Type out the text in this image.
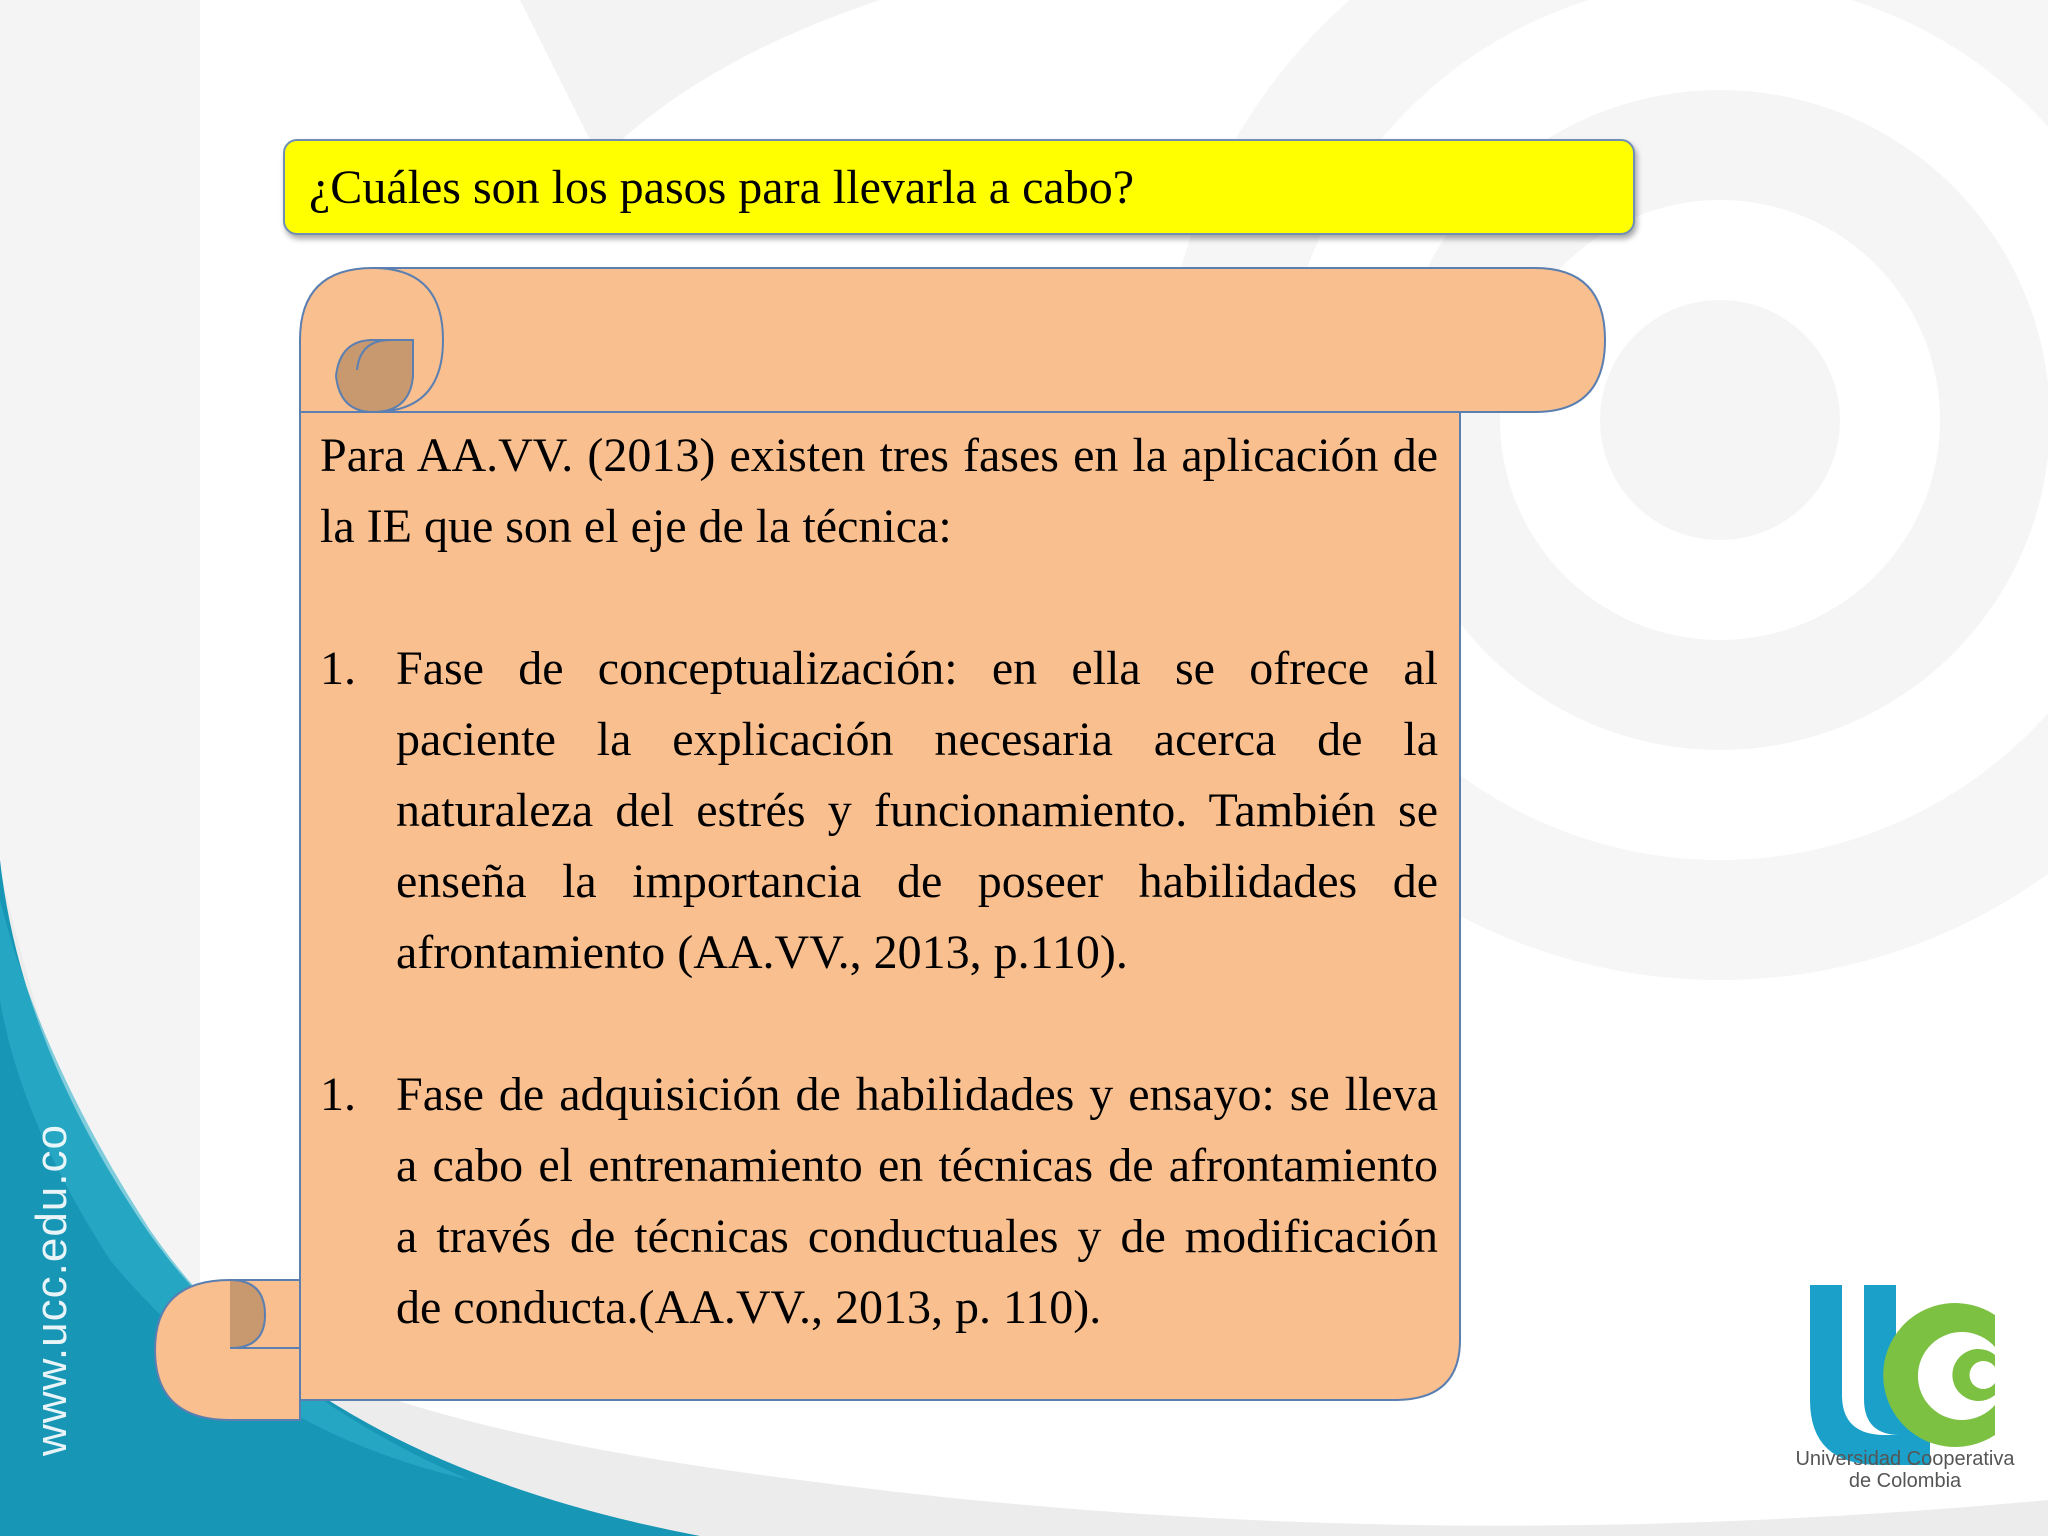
www.ucc.edu.co
¿Cuáles son los pasos para llevarla a cabo?

Para AA.VV. (2013) existen tres fases en la aplicación de la IE que son el eje de la técnica:

1. Fase de conceptualización: en ella se ofrece al paciente la explicación necesaria acerca de la naturaleza del estrés y funcionamiento. También se enseña la importancia de poseer habilidades de afrontamiento (AA.VV., 2013, p.110).
1. Fase de adquisición de habilidades y ensayo: se lleva a cabo el entrenamiento en técnicas de afrontamiento a través de técnicas conductuales y de modificación de conducta.(AA.VV., 2013, p. 110).
Universidad Cooperativa
de Colombia
